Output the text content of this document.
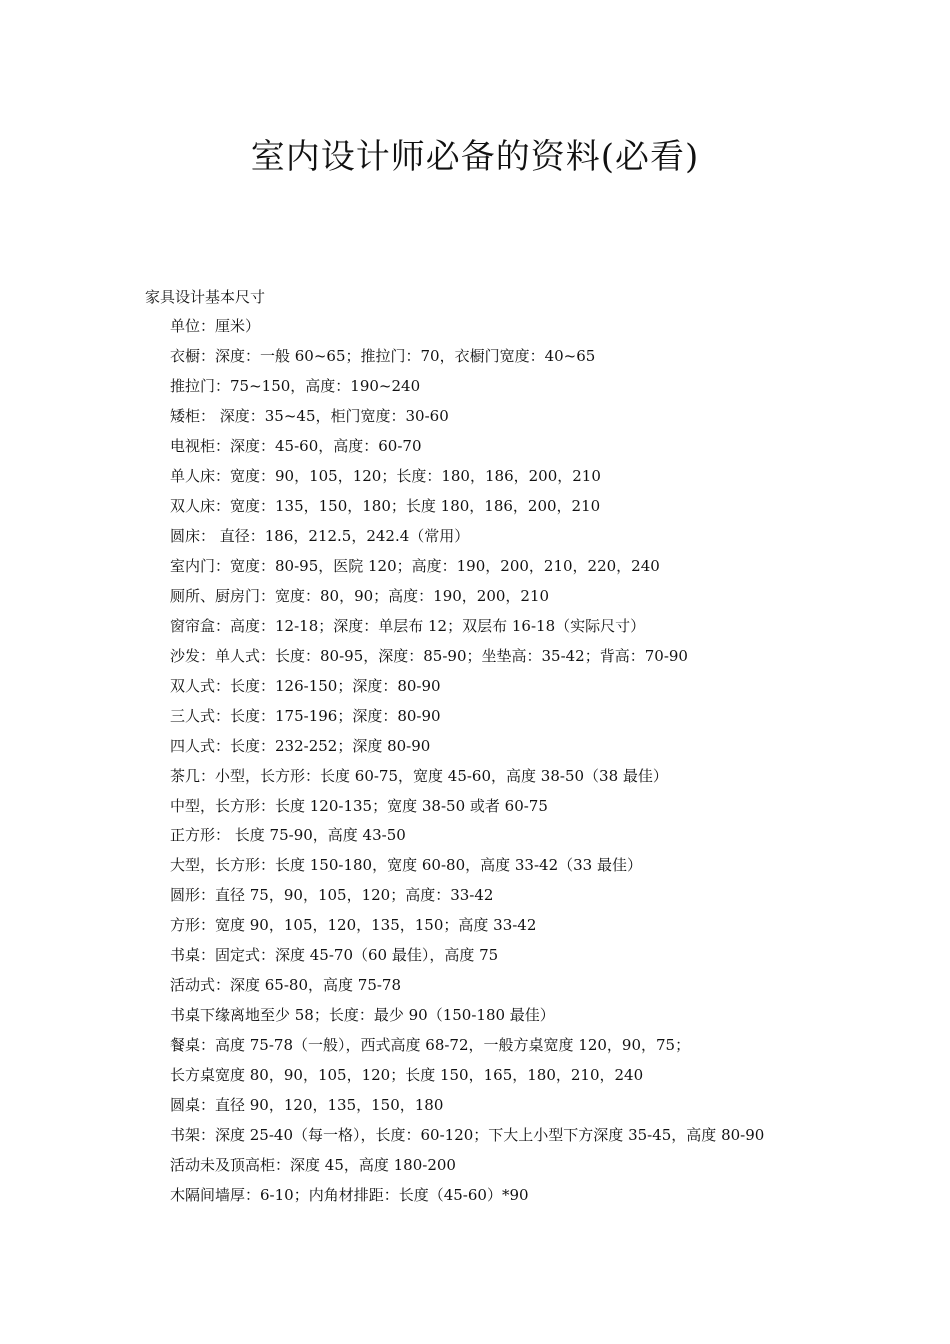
室内设计师必备的资料(必看)
家具设计基本尺寸
单位：厘米）
衣橱：深度：一般 60~65；推拉门：70，衣橱门宽度：40~65
推拉门：75~150，高度：190~240
矮柜： 深度：35~45，柜门宽度：30-60
电视柜：深度：45-60，高度：60-70
单人床：宽度：90，105，120；长度：180，186，200，210
双人床：宽度：135，150，180；长度 180，186，200，210
圆床： 直径：186，212.5，242.4（常用）
室内门：宽度：80-95，医院 120；高度：190，200，210，220，240
厕所、厨房门：宽度：80，90；高度：190，200，210
窗帘盒：高度：12-18；深度：单层布 12；双层布 16-18（实际尺寸）
沙发：单人式：长度：80-95，深度：85-90；坐垫高：35-42；背高：70-90
双人式：长度：126-150；深度：80-90
三人式：长度：175-196；深度：80-90
四人式：长度：232-252；深度 80-90
茶几：小型，长方形：长度 60-75，宽度 45-60，高度 38-50（38 最佳）
中型，长方形：长度 120-135；宽度 38-50 或者 60-75
正方形： 长度 75-90，高度 43-50
大型，长方形：长度 150-180，宽度 60-80，高度 33-42（33 最佳）
圆形：直径 75，90，105，120；高度：33-42
方形：宽度 90，105，120，135，150；高度 33-42
书桌：固定式：深度 45-70（60 最佳），高度 75
活动式：深度 65-80，高度 75-78
书桌下缘离地至少 58；长度：最少 90（150-180 最佳）
餐桌：高度 75-78（一般），西式高度 68-72，一般方桌宽度 120，90，75；
长方桌宽度 80，90，105，120；长度 150，165，180，210，240
圆桌：直径 90，120，135，150，180
书架：深度 25-40（每一格），长度：60-120；下大上小型下方深度 35-45，高度 80-90
活动未及顶高柜：深度 45，高度 180-200
木隔间墙厚：6-10；内角材排距：长度（45-60）*90
